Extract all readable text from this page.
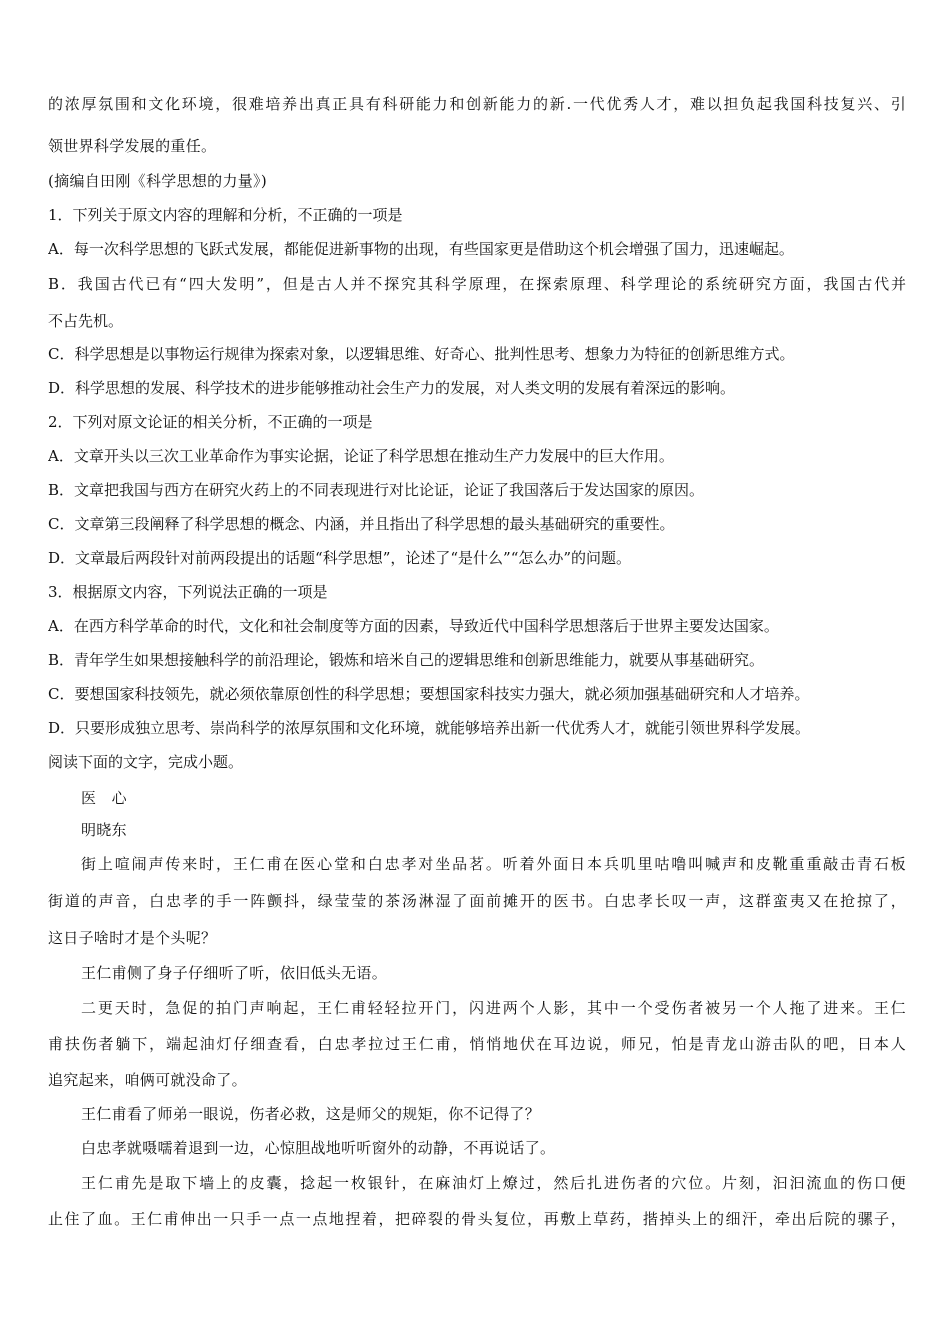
的浓厚氛围和文化环境，很难培养出真正具有科研能力和创新能力的新.一代优秀人才，难以担负起我国科技复兴、引
领世界科学发展的重任。
(摘编自田刚《科学思想的力量》)
1．下列关于原文内容的理解和分析，不正确的一项是
A．每一次科学思想的飞跃式发展，都能促进新事物的出现，有些国家更是借助这个机会增强了国力，迅速崛起。
B．我国古代已有“四大发明”，但是古人并不探究其科学原理，在探索原理、科学理论的系统研究方面，我国古代并
不占先机。
C．科学思想是以事物运行规律为探索对象，以逻辑思维、好奇心、批判性思考、想象力为特征的创新思维方式。
D．科学思想的发展、科学技术的进步能够推动社会生产力的发展，对人类文明的发展有着深远的影响。
2．下列对原文论证的相关分析，不正确的一项是
A．文章开头以三次工业革命作为事实论据，论证了科学思想在推动生产力发展中的巨大作用。
B．文章把我国与西方在研究火药上的不同表现进行对比论证，论证了我国落后于发达国家的原因。
C．文章第三段阐释了科学思想的概念、内涵，并且指出了科学思想的最头基础研究的重要性。
D．文章最后两段针对前两段提出的话题“科学思想”，论述了“是什么”“怎么办”的问题。
3．根据原文内容，下列说法正确的一项是
A．在西方科学革命的时代，文化和社会制度等方面的因素，导致近代中国科学思想落后于世界主要发达国家。
B．青年学生如果想接触科学的前沿理论，锻炼和培米自己的逻辑思维和创新思维能力，就要从事基础研究。
C．要想国家科技领先，就必须依靠原创性的科学思想；要想国家科技实力强大，就必须加强基础研究和人才培养。
D．只要形成独立思考、崇尚科学的浓厚氛围和文化环境，就能够培养出新一代优秀人才，就能引领世界科学发展。
阅读下面的文字，完成小题。
医　心
明晓东
街上喧闹声传来时，王仁甫在医心堂和白忠孝对坐品茗。听着外面日本兵叽里咕噜叫喊声和皮靴重重敲击青石板
街道的声音，白忠孝的手一阵颤抖，绿莹莹的茶汤淋湿了面前摊开的医书。白忠孝长叹一声，这群蛮夷又在抢掠了，
这日子啥时才是个头呢？
王仁甫侧了身子仔细听了听，依旧低头无语。
二更天时，急促的拍门声响起，王仁甫轻轻拉开门，闪进两个人影，其中一个受伤者被另一个人拖了进来。王仁
甫扶伤者躺下，端起油灯仔细查看，白忠孝拉过王仁甫，悄悄地伏在耳边说，师兄，怕是青龙山游击队的吧，日本人
追究起来，咱俩可就没命了。
王仁甫看了师弟一眼说，伤者必救，这是师父的规矩，你不记得了？
白忠孝就嗫嚅着退到一边，心惊胆战地听听窗外的动静，不再说话了。
王仁甫先是取下墙上的皮囊，捻起一枚银针，在麻油灯上燎过，然后扎进伤者的穴位。片刻，汩汩流血的伤口便
止住了血。王仁甫伸出一只手一点一点地捏着，把碎裂的骨头复位，再敷上草药，揩掉头上的细汗，牵出后院的骡子，
